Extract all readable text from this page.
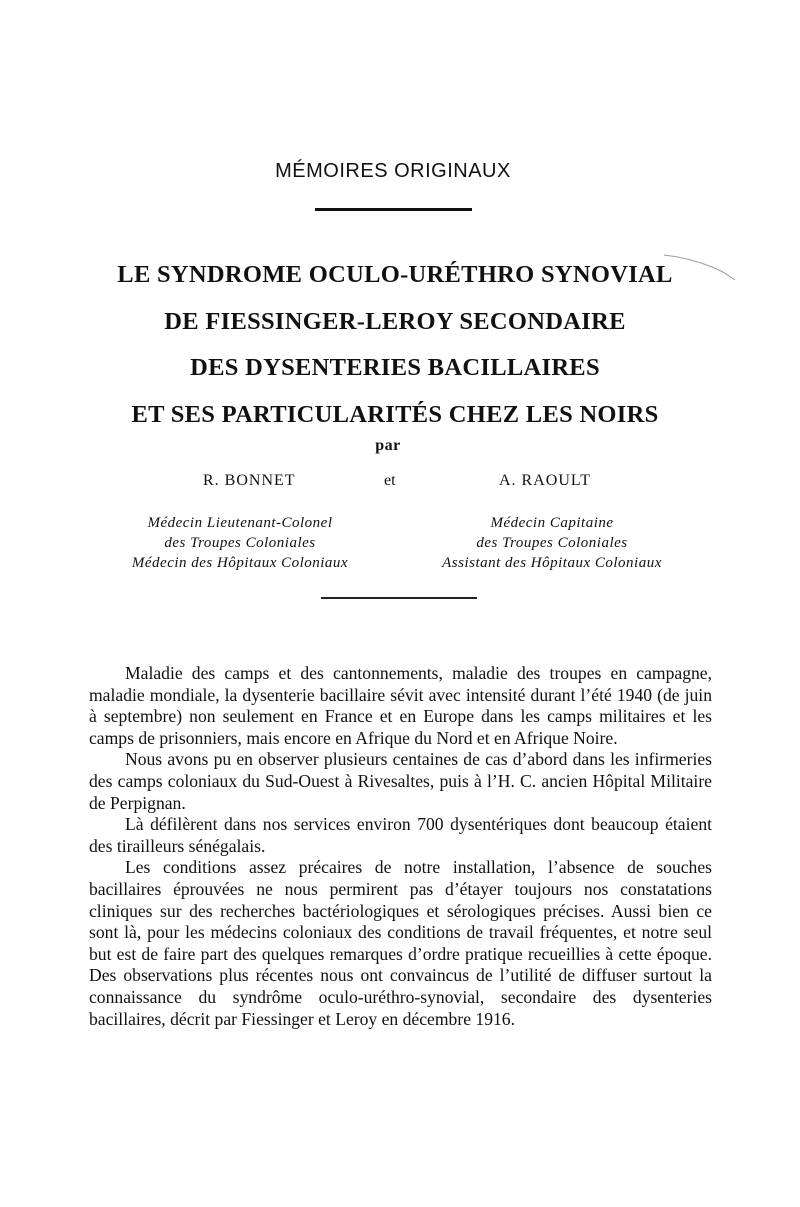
MÉMOIRES ORIGINAUX
LE SYNDROME OCULO-URÉTHRO SYNOVIAL
DE FIESSINGER-LEROY SECONDAIRE
DES DYSENTERIES BACILLAIRES
ET SES PARTICULARITÉS CHEZ LES NOIRS
par
R. BONNET	et	A. RAOULT
Médecin Lieutenant-Colonel
des Troupes Coloniales
Médecin des Hôpitaux Coloniaux
Médecin Capitaine
des Troupes Coloniales
Assistant des Hôpitaux Coloniaux

Maladie des camps et des cantonnements, maladie des troupes en campagne, maladie mondiale, la dysenterie bacillaire sévit avec intensité durant l’été 1940 (de juin à septembre) non seulement en France et en Europe dans les camps militaires et les camps de prisonniers, mais encore en Afrique du Nord et en Afrique Noire.

Nous avons pu en observer plusieurs centaines de cas d’abord dans les infirmeries des camps coloniaux du Sud-Ouest à Rivesaltes, puis à l’H. C. ancien Hôpital Militaire de Perpignan.

Là défilèrent dans nos services environ 700 dysentériques dont beaucoup étaient des tirailleurs sénégalais.

Les conditions assez précaires de notre installation, l’absence de souches bacillaires éprouvées ne nous permirent pas d’étayer toujours nos constatations cliniques sur des recherches bactériologiques et sérologiques précises. Aussi bien ce sont là, pour les médecins coloniaux des conditions de travail fréquentes, et notre seul but est de faire part des quelques remarques d’ordre pratique recueillies à cette époque. Des observations plus récentes nous ont convaincus de l’utilité de diffuser surtout la connaissance du syndrôme oculo-uréthro-synovial, secondaire des dysenteries bacillaires, décrit par Fiessinger et Leroy en décembre 1916.
